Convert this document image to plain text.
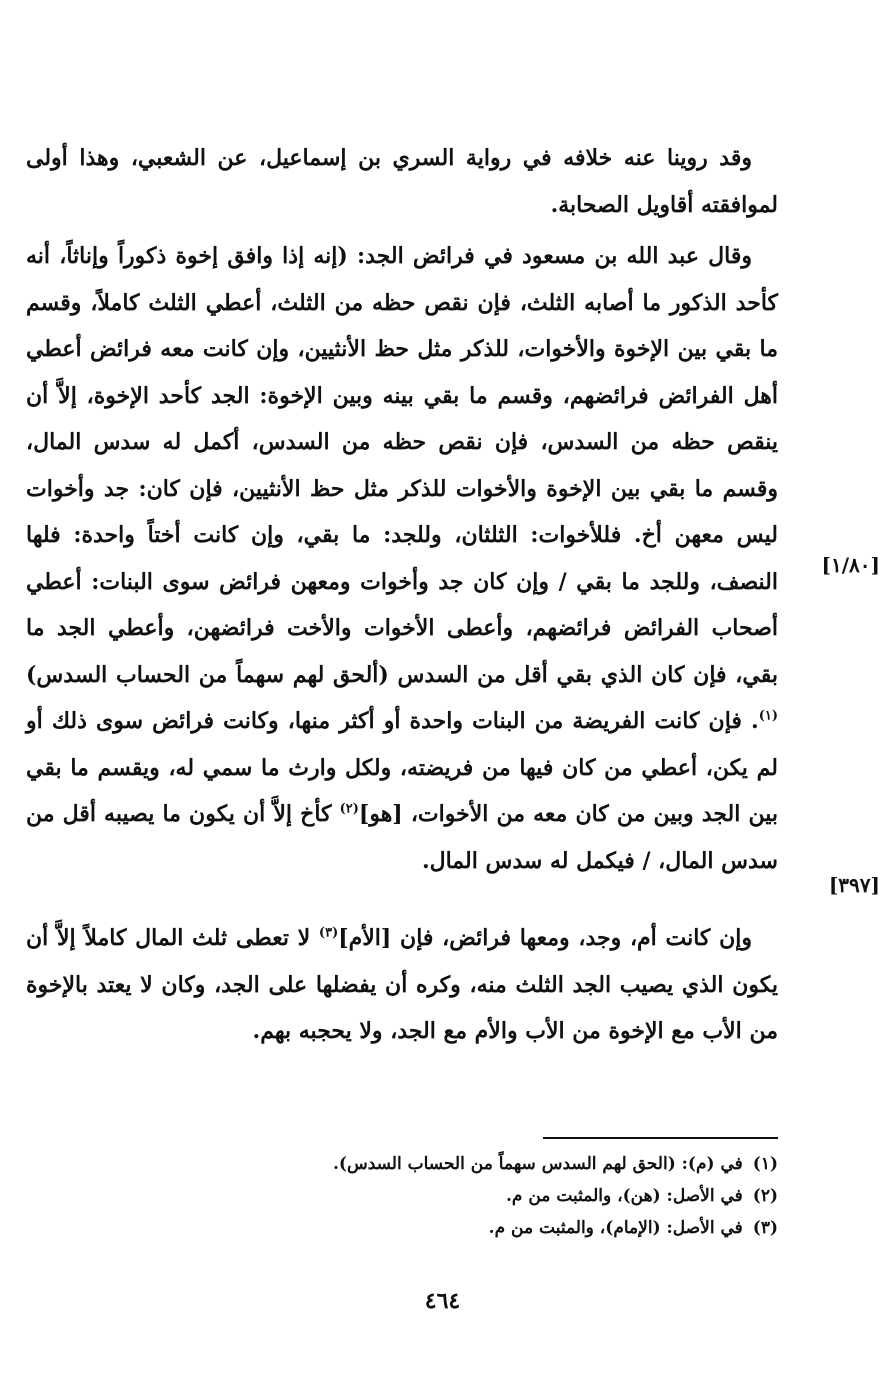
وقد روينا عنه خلافه في رواية السري بن إسماعيل، عن الشعبي، وهذا أولى لموافقته أقاويل الصحابة.

وقال عبد الله بن مسعود في فرائض الجد: (إنه إذا وافق إخوة ذكوراً وإناثاً، أنه كأحد الذكور ما أصابه الثلث، فإن نقص حظه من الثلث، أعطي الثلث كاملاً، وقسم ما بقي بين الإخوة والأخوات، للذكر مثل حظ الأنثيين، وإن كانت معه فرائض أعطي أهل الفرائض فرائضهم، وقسم ما بقي بينه وبين الإخوة: الجد كأحد الإخوة، إلاَّ أن ينقص حظه من السدس، فإن نقص حظه من السدس، أكمل له سدس المال، وقسم ما بقي بين الإخوة والأخوات للذكر مثل حظ الأنثيين، فإن كان: جد وأخوات ليس معهن أخ. فللأخوات: الثلثان، وللجد: ما بقي، وإن كانت أختاً واحدة: فلها النصف، وللجد ما بقي / وإن كان جد وأخوات ومعهن فرائض سوى البنات: أعطي أصحاب الفرائض فرائضهم، وأعطى الأخوات والأخت فرائضهن، وأعطي الجد ما بقي، فإن كان الذي بقي أقل من السدس (ألحق لهم سهماً من الحساب السدس)$^{(١)}$. فإن كانت الفريضة من البنات واحدة أو أكثر منها، وكانت فرائض سوى ذلك أو لم يكن، أعطي من كان فيها من فريضته، ولكل وارث ما سمي له، ويقسم ما بقي بين الجد وبين من كان معه من الأخوات، [هو]$^{(٢)}$ كأخ إلاَّ أن يكون ما يصيبه أقل من سدس المال، / فيكمل له سدس المال.

وإن كانت أم، وجد، ومعها فرائض، فإن [الأم]$^{(٣)}$ لا تعطى ثلث المال كاملاً إلاَّ أن يكون الذي يصيب الجد الثلث منه، وكره أن يفضلها على الجد، وكان لا يعتد بالإخوة من الأب مع الإخوة من الأب والأم مع الجد، ولا يحجبه بهم.

[١/٨٠]
[٣٩٧]
(١)في (م): (الحق لهم السدس سهماً من الحساب السدس).
(٢)في الأصل: (هن)، والمثبت من م.
(٣)في الأصل: (الإمام)، والمثبت من م.
٤٦٤
